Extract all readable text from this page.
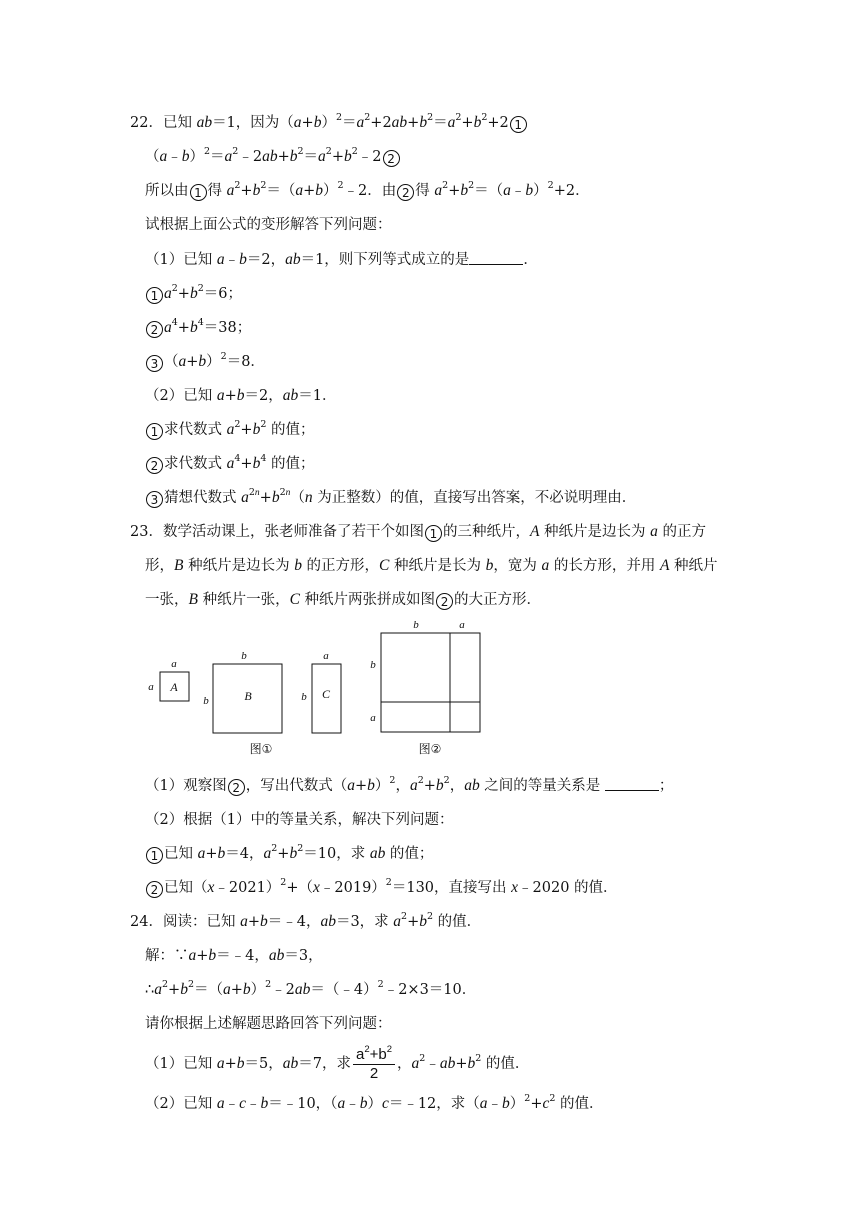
22．已知 ab＝1，因为$(a+b)^2=a^2+2ab+b^2=a^2+b^2+2$ 1
$(a﹣b)^2=a^2﹣2ab+b^2=a^2+b^2﹣2$ 2
所以由 1 得 $a^2+b^2=(a+b)^2﹣2$．由 2 得 $a^2+b^2=(a﹣b)^2+2$．
试根据上面公式的变形解答下列问题：
（1）已知 a﹣b＝2，ab＝1，则下列等式成立的是	．
1 $a^2+b^2=6$；
2 $a^4+b^4=38$；
3 $(a+b)^2=8$．
（2）已知 a+b＝2，ab＝1．
1 求代数式 $a^2+b^2$ 的值；
2 求代数式 $a^4+b^4$ 的值；
3 猜想代数式 $a^{2n}+b^{2n}(n$ 为正整数）的值，直接写出答案，不必说明理由．
23．数学活动课上，张老师准备了若干个如图 1 的三种纸片，A 种纸片是边长为 a 的正方
形，B 种纸片是边长为 b 的正方形，C 种纸片是长为 b，宽为 a 的长方形，并用 A 种纸片
一张，B 种纸片一张，C 种纸片两张拼成如图 2 的大正方形．
a
a A
b
b	B
a
b C
图①
b	a
b
a
图②
（1）观察图 2 ，写出代数式$(a+b)^2$，$a^2+b^2$，ab 之间的等量关系是	；
（2）根据（1）中的等量关系，解决下列问题：
1 已知 a+b＝4，$a^2+b^2=10$，求 ab 的值；
2 已知（x﹣2021）$^2$+（x﹣2019）$^2$＝130，直接写出 x﹣2020 的值．
24．阅读：已知 a+b＝﹣4，ab＝3，求 $a^2+b^2$ 的值．
解：∵a+b＝﹣4，ab＝3，
$\therefore a^2+b^2=(a+b)^2﹣2ab=(﹣4)^2﹣2\times 3=10$．
请你根据上述解题思路回答下列问题：
（1）已知 a+b＝5，ab＝7，求 $\frac{a^2+b^2}{2}$ ，$a^2﹣ab+b^2$ 的值．
（2）已知 a﹣c﹣b＝﹣10，（a﹣b）c＝﹣12，求$(a﹣b)^2+c^2$ 的值．
